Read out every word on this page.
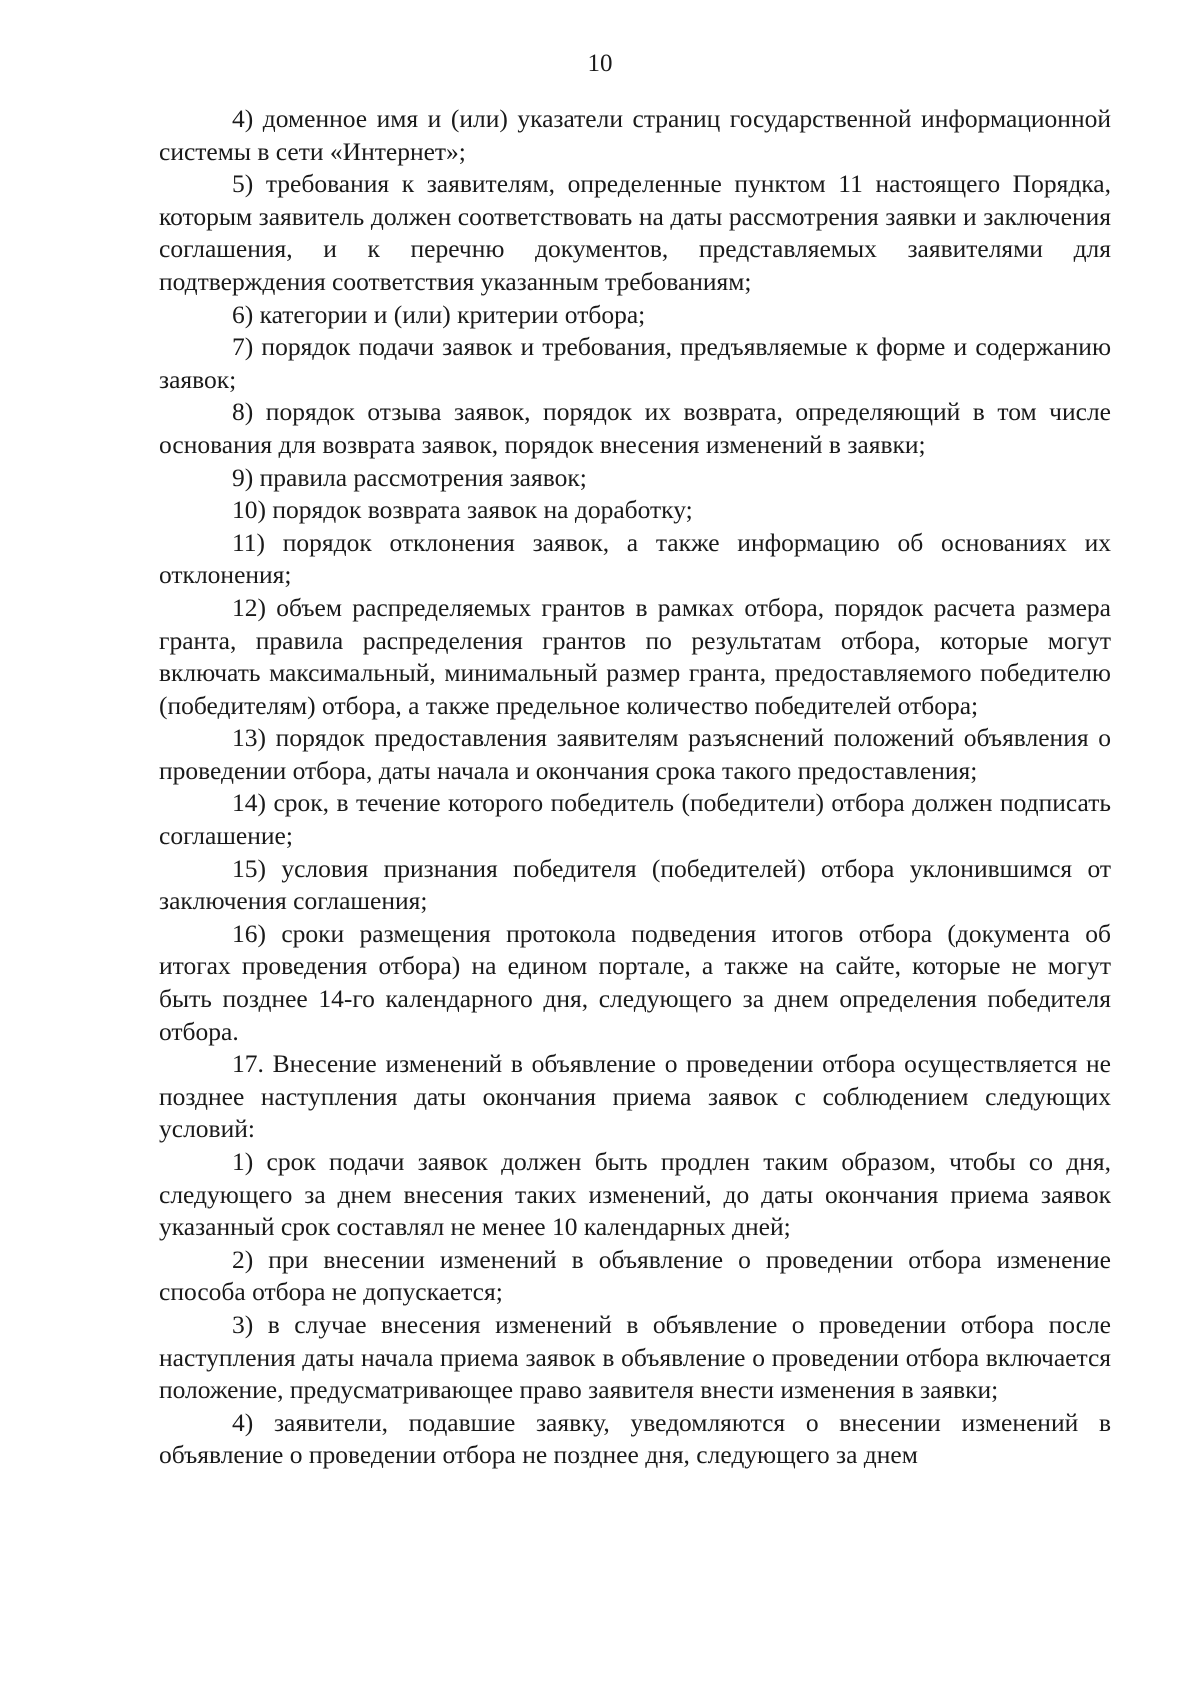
10

4) доменное имя и (или) указатели страниц государственной информационной системы в сети «Интернет»;

5) требования к заявителям, определенные пунктом 11 настоящего Порядка, которым заявитель должен соответствовать на даты рассмотрения заявки и заключения соглашения, и к перечню документов, представляемых заявителями для подтверждения соответствия указанным требованиям;

6) категории и (или) критерии отбора;

7) порядок подачи заявок и требования, предъявляемые к форме и содержанию заявок;

8) порядок отзыва заявок, порядок их возврата, определяющий в том числе основания для возврата заявок, порядок внесения изменений в заявки;

9) правила рассмотрения заявок;

10) порядок возврата заявок на доработку;

11) порядок отклонения заявок, а также информацию об основаниях их отклонения;

12) объем распределяемых грантов в рамках отбора, порядок расчета размера гранта, правила распределения грантов по результатам отбора, которые могут включать максимальный, минимальный размер гранта, предоставляемого победителю (победителям) отбора, а также предельное количество победителей отбора;

13) порядок предоставления заявителям разъяснений положений объявления о проведении отбора, даты начала и окончания срока такого предоставления;

14) срок, в течение которого победитель (победители) отбора должен подписать соглашение;

15) условия признания победителя (победителей) отбора уклонившимся от заключения соглашения;

16) сроки размещения протокола подведения итогов отбора (документа об итогах проведения отбора) на едином портале, а также на сайте, которые не могут быть позднее 14-го календарного дня, следующего за днем определения победителя отбора.

17. Внесение изменений в объявление о проведении отбора осуществляется не позднее наступления даты окончания приема заявок с соблюдением следующих условий:

1) срок подачи заявок должен быть продлен таким образом, чтобы со дня, следующего за днем внесения таких изменений, до даты окончания приема заявок указанный срок составлял не менее 10 календарных дней;

2) при внесении изменений в объявление о проведении отбора изменение способа отбора не допускается;

3) в случае внесения изменений в объявление о проведении отбора после наступления даты начала приема заявок в объявление о проведении отбора включается положение, предусматривающее право заявителя внести изменения в заявки;

4) заявители, подавшие заявку, уведомляются о внесении изменений в объявление о проведении отбора не позднее дня, следующего за днем
